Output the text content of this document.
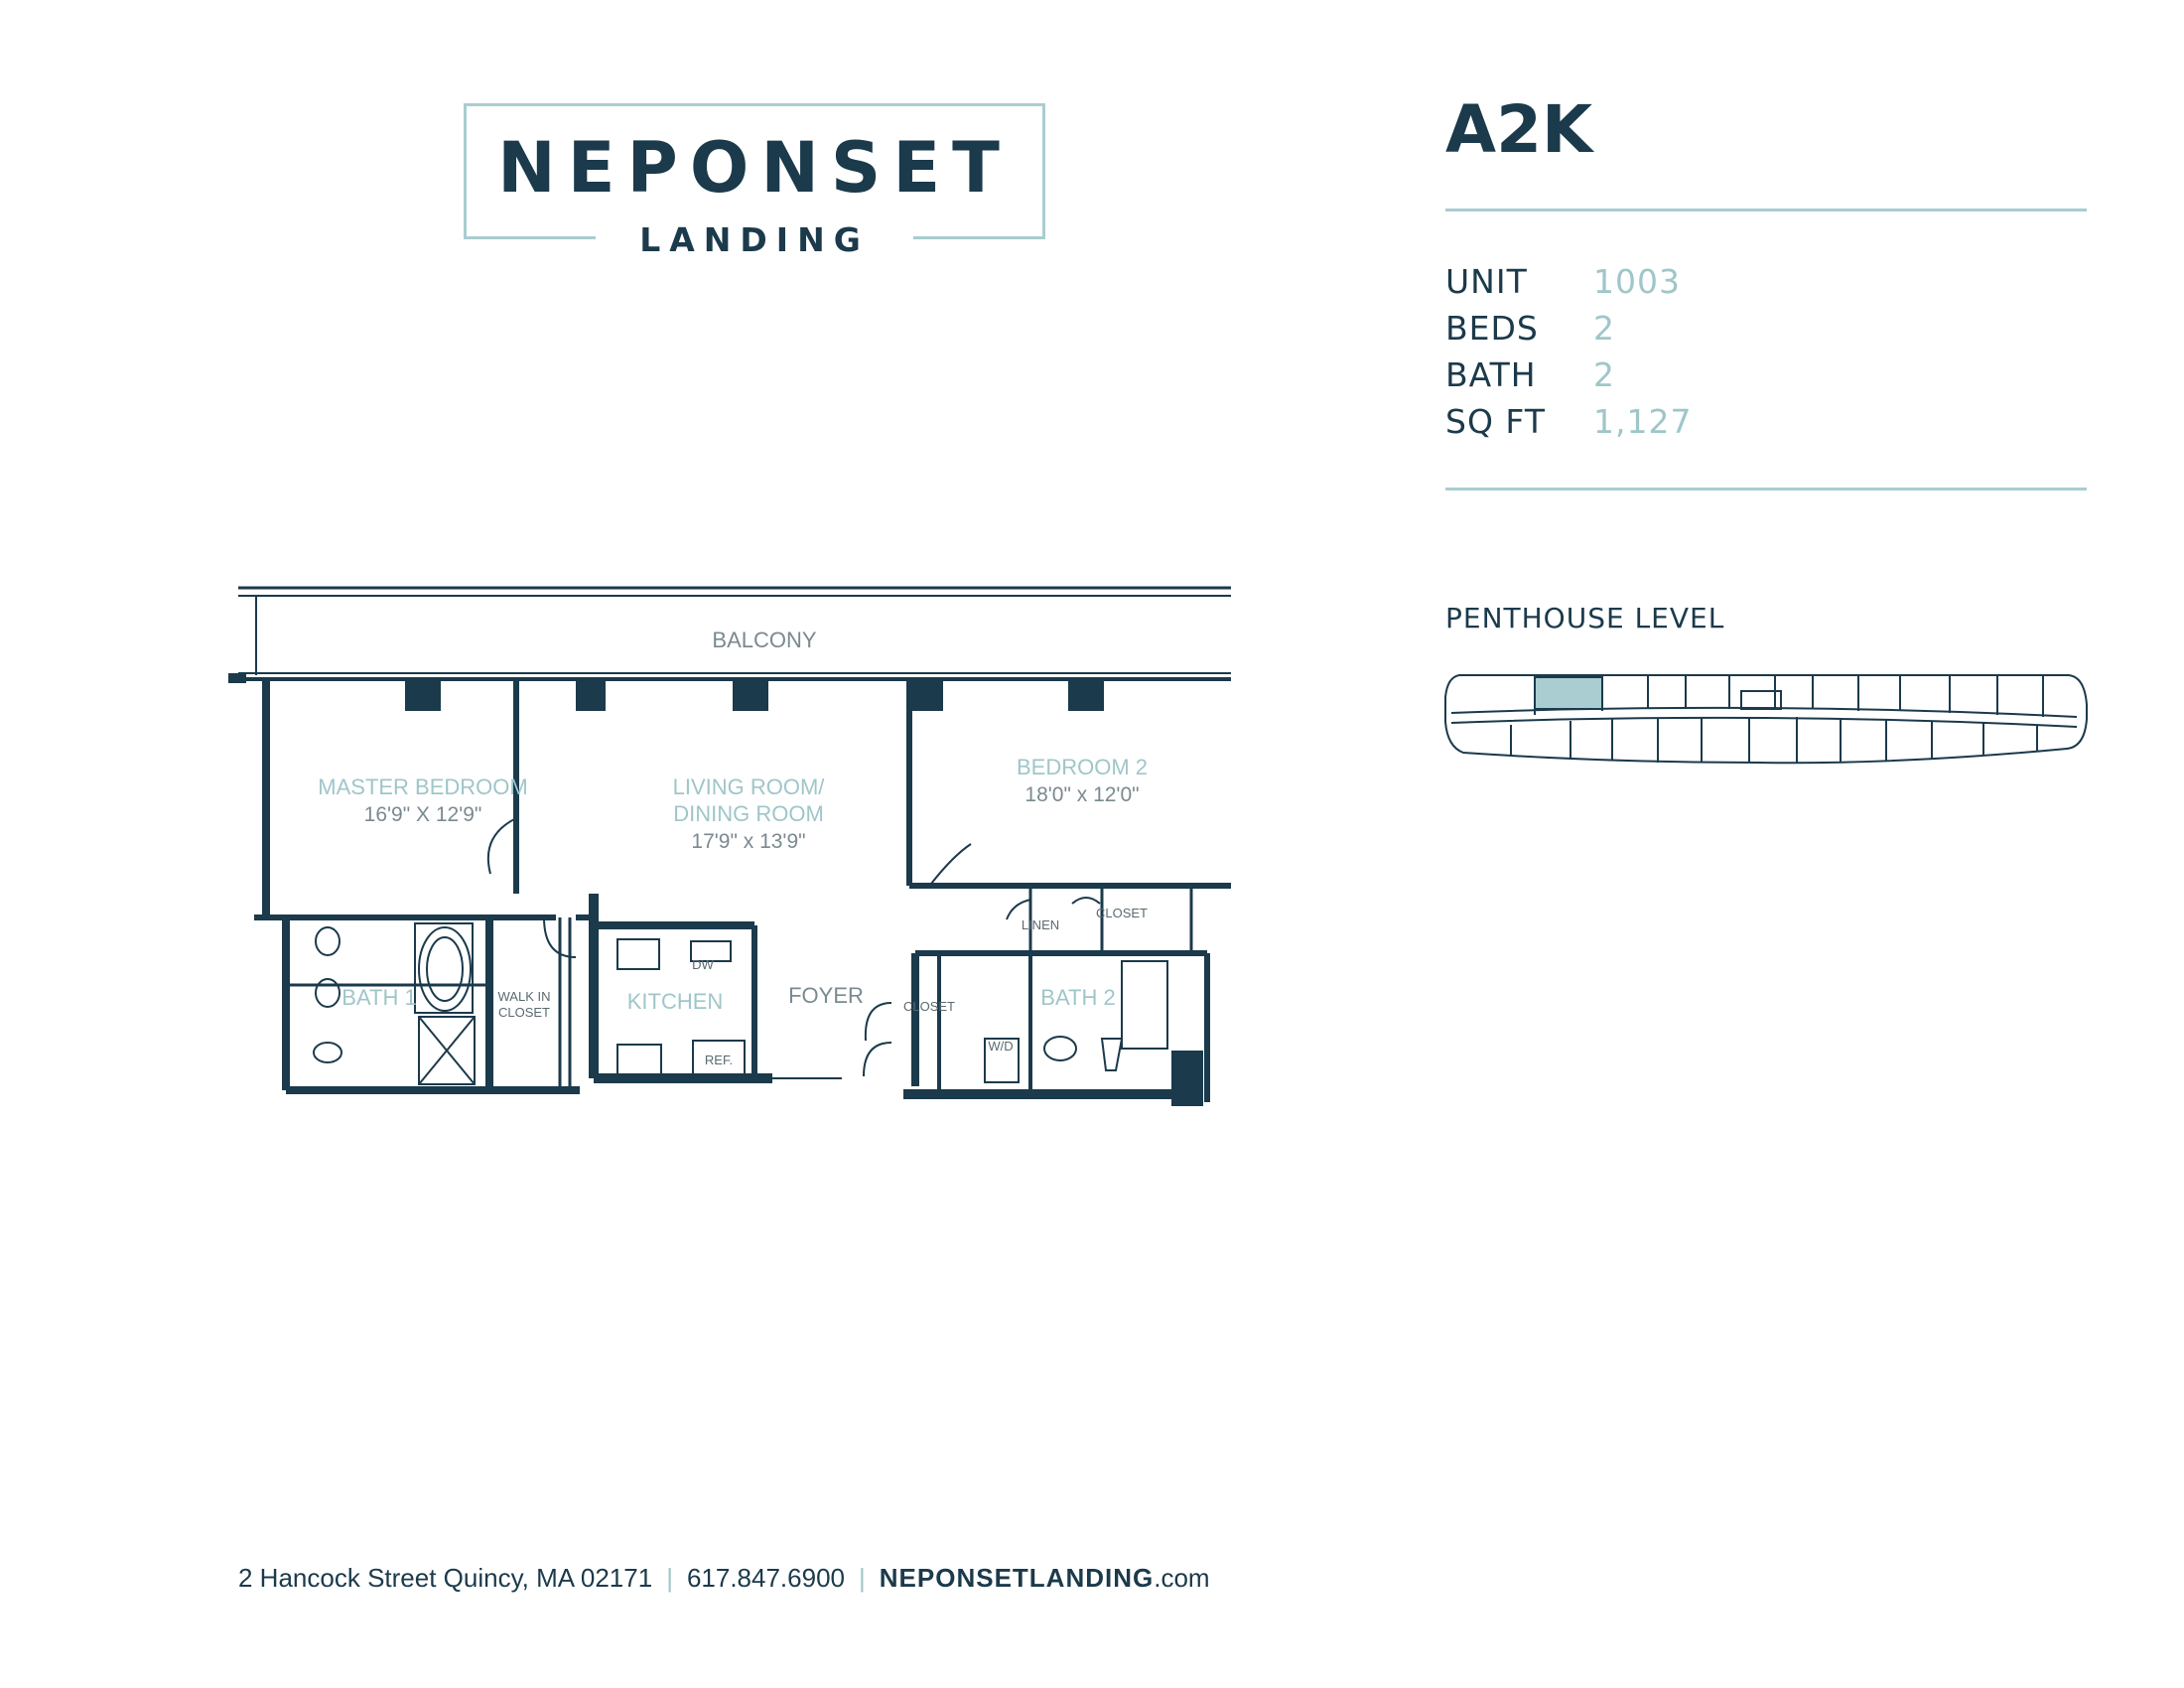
NEPONSET
LANDING
A2K
UNIT 1003
BEDS 2
BATH 2
SQ FT 1,127
PENTHOUSE LEVEL
BALCONY
MASTER BEDROOM
16'9" X 12'9"
LIVING ROOM/
DINING ROOM
17'9" x 13'9"
BEDROOM 2
18'0" x 12'0"
BATH 1	WALK IN
CLOSET	KITCHEN
DW
REF.
FOYER	CLOSET
LINEN
CLOSET
BATH 2
W/D
2 Hancock Street Quincy, MA 02171 | 617.847.6900 | NEPONSETLANDING.com
